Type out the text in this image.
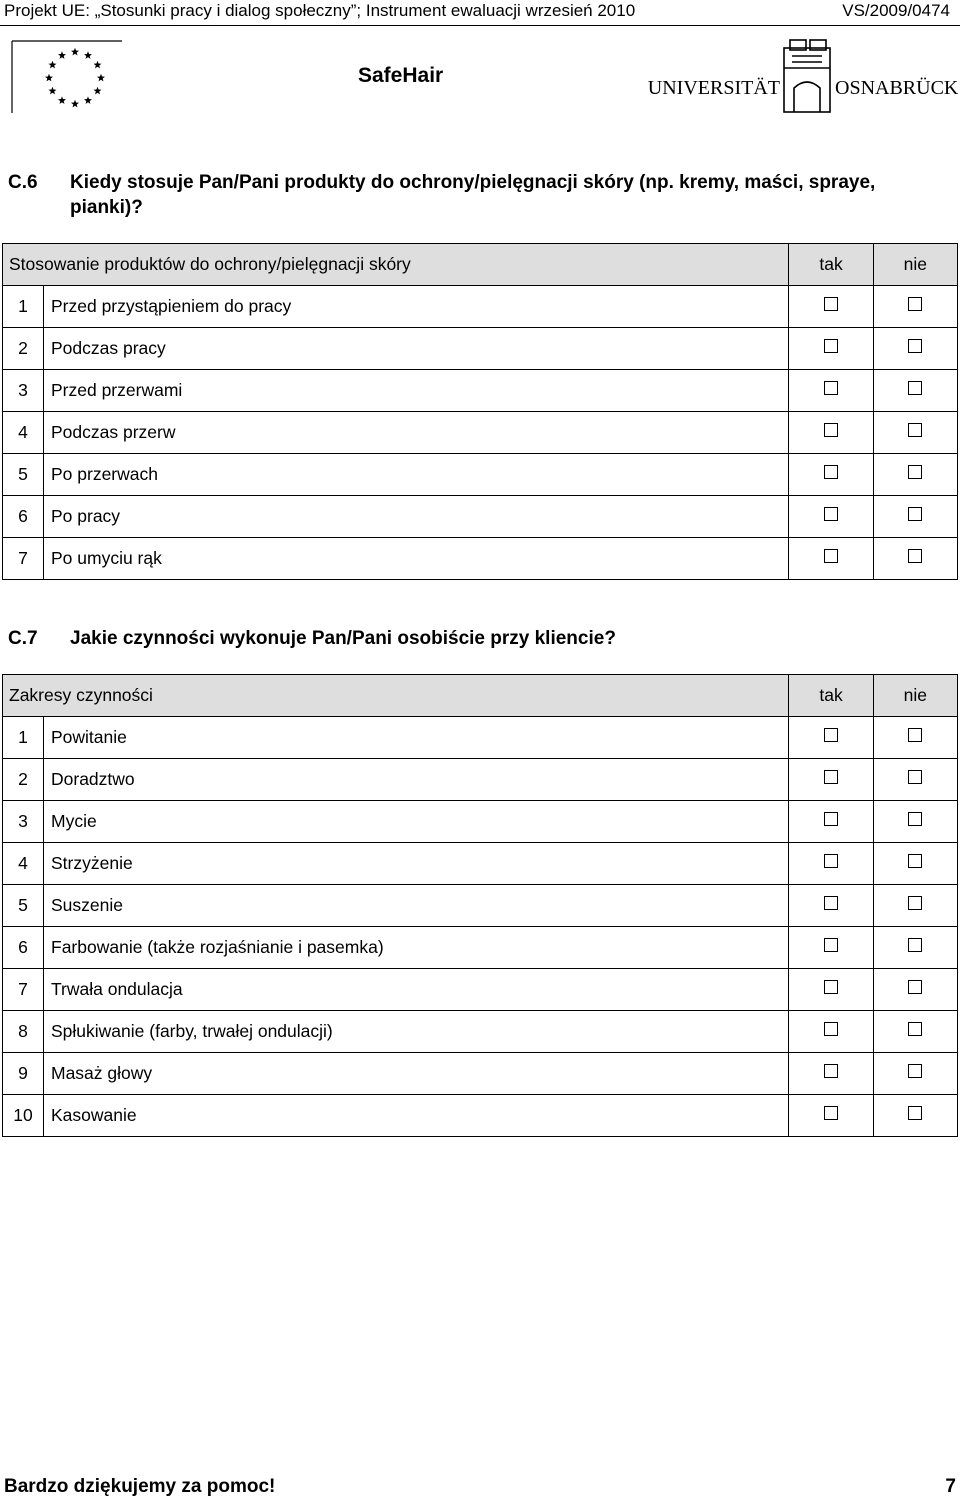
Projekt UE: „Stosunki pracy i dialog społeczny”; Instrument ewaluacji wrzesień 2010	VS/2009/0474
SafeHair
UNIVERSITÄT	OSNABRÜCK
C.6 Kiedy stosuje Pan/Pani produkty do ochrony/pielęgnacji skóry (np. kremy, maści, spraye, pianki)?
Stosowanie produktów do ochrony/pielęgnacji skóry	tak	nie

1 Przed przystąpieniem do pracy		

2 Podczas pracy		

3 Przed przerwami		

4 Podczas przerw		

5 Po przerwach		

6 Po pracy		

7 Po umyciu rąk		

C.7 Jakie czynności wykonuje Pan/Pani osobiście przy kliencie?
Zakresy czynności	tak	nie

1 Powitanie		

2 Doradztwo		

3 Mycie		

4 Strzyżenie		

5 Suszenie		

6 Farbowanie (także rozjaśnianie i pasemka)		

7 Trwała ondulacja		

8 Spłukiwanie (farby, trwałej ondulacji)		

9 Masaż głowy		

10 Kasowanie		

Bardzo dziękujemy za pomoc!	7
